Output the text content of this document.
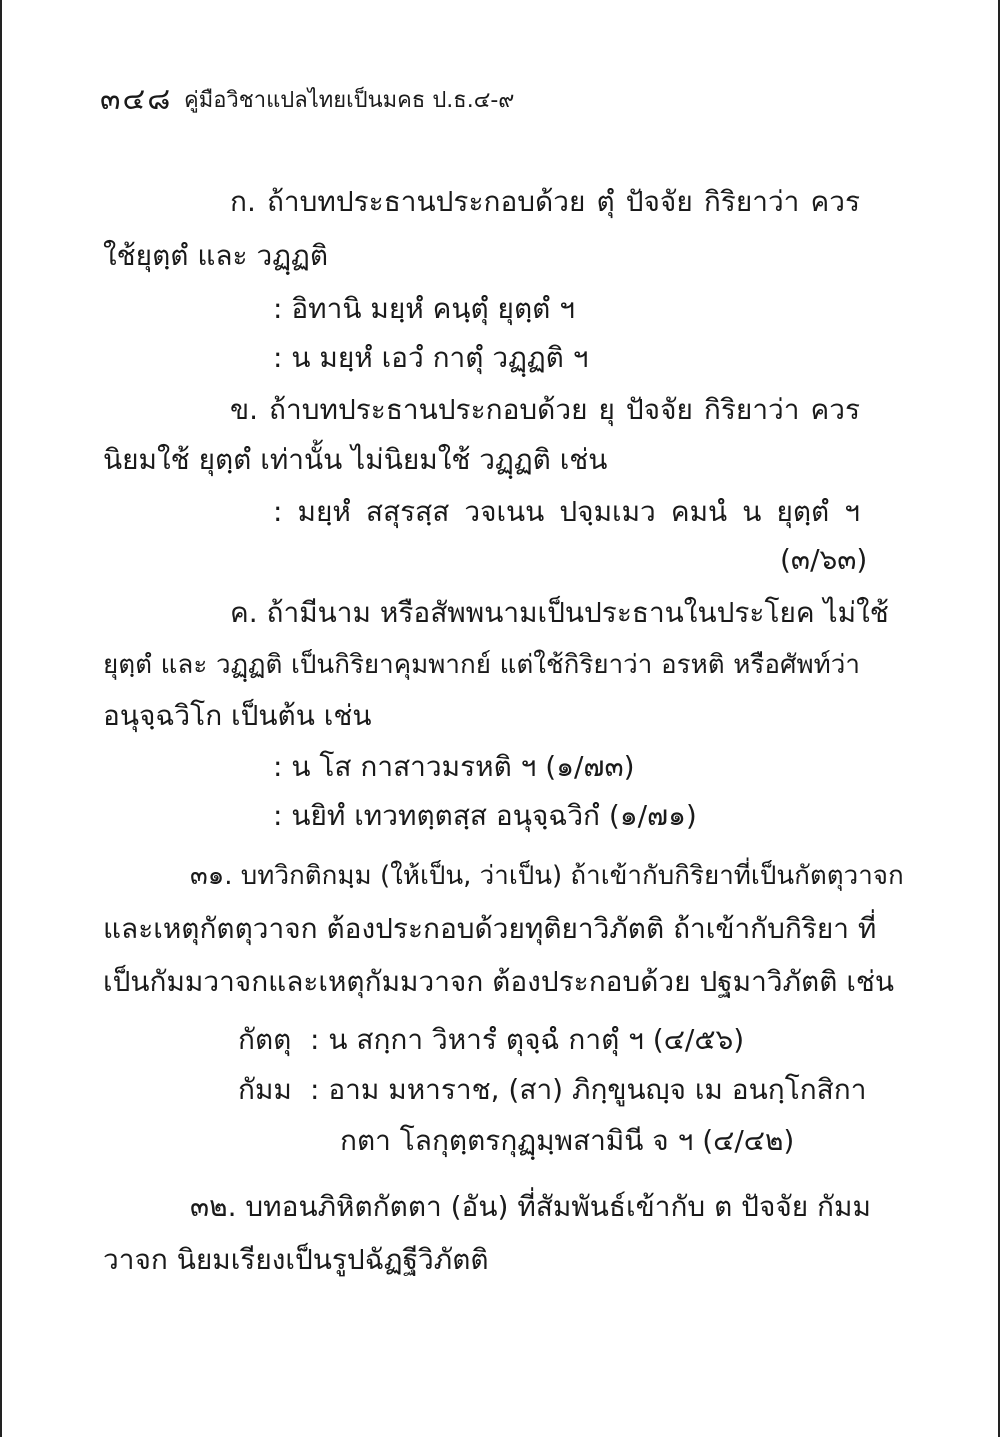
๓๔๘ คู่มือวิชาแปลไทยเป็นมคธ ป.ธ.๔-๙
ก. ถ้าบทประธานประกอบด้วย ตุํ ปัจจัย กิริยาว่า ควร
ใช้ยุตฺตํ และ วฏฺฏติ
: อิทานิ มยฺหํ คนฺตุํ ยุตฺตํ ฯ
: น มยฺหํ เอวํ กาตุํ วฏฺฏติ ฯ
ข. ถ้าบทประธานประกอบด้วย ยุ ปัจจัย กิริยาว่า ควร
นิยมใช้ ยุตฺตํ เท่านั้น ไม่นิยมใช้ วฏฺฏติ เช่น
: มยฺหํ สสุรสฺส วจเนน ปจฺมเมว คมนํ น ยุตฺตํ ฯ
(๓/๖๓)
ค. ถ้ามีนาม หรือสัพพนามเป็นประธานในประโยค ไม่ใช้
ยุตฺตํ และ วฏฺฏติ เป็นกิริยาคุมพากย์ แต่ใช้กิริยาว่า อรหติ หรือศัพท์ว่า
อนุจฺฉวิโก เป็นต้น เช่น
: น โส กาสาวมรหติ ฯ (๑/๗๓)
: นยิทํ เทวทตฺตสฺส อนุจฺฉวิกํ (๑/๗๑)
๓๑. บทวิกติกมฺม (ให้เป็น, ว่าเป็น) ถ้าเข้ากับกิริยาที่เป็นกัตตุวาจก
และเหตุกัตตุวาจก ต้องประกอบด้วยทุติยาวิภัตติ ถ้าเข้ากับกิริยา ที่
เป็นกัมมวาจกและเหตุกัมมวาจก ต้องประกอบด้วย ปฐมาวิภัตติ เช่น
กัตตุ : น สกฺกา วิหารํ ตุจฺฉํ กาตุํ ฯ (๔/๕๖)
กัมม : อาม มหาราช, (สา) ภิกฺขูนญฺจ เม อนกฺโกสิกา
กตา โลกุตฺตรกุฏฺมฺพสามินี จ ฯ (๔/๔๒)
๓๒. บทอนภิหิตกัตตา (อัน) ที่สัมพันธ์เข้ากับ ต ปัจจัย กัมม
วาจก นิยมเรียงเป็นรูปฉัฏฐีวิภัตติ
